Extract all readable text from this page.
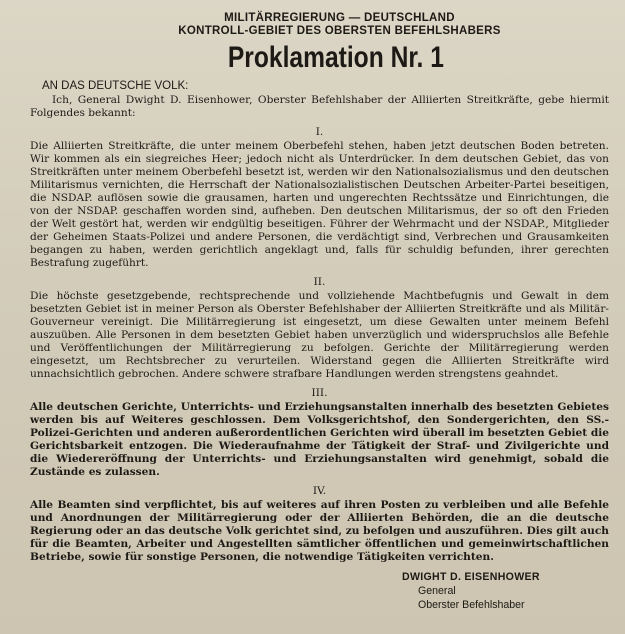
MILITÄRREGIERUNG — DEUTSCHLAND
KONTROLL-GEBIET DES OBERSTEN BEFEHLSHABERS
Proklamation Nr. 1
AN DAS DEUTSCHE VOLK:
Ich, General Dwight D. Eisenhower, Oberster Befehlshaber der Alliierten Streitkräfte, gebe hiermit Folgendes bekannt:
I.
Die Alliierten Streitkräfte, die unter meinem Oberbefehl stehen, haben jetzt deutschen Boden betreten. Wir kommen als ein siegreiches Heer; jedoch nicht als Unterdrücker. In dem deutschen Gebiet, das von Streitkräften unter meinem Oberbefehl besetzt ist, werden wir den Nationalsozialismus und den deutschen Militarismus vernichten, die Herrschaft der Nationalsozialistischen Deutschen Arbeiter-Partei beseitigen, die NSDAP. auflösen sowie die grausamen, harten und ungerechten Rechtssätze und Einrichtungen, die von der NSDAP. geschaffen worden sind, aufheben. Den deutschen Militarismus, der so oft den Frieden der Welt gestört hat, werden wir endgültig beseitigen. Führer der Wehrmacht und der NSDAP., Mitglieder der Geheimen Staats-Polizei und andere Personen, die verdächtigt sind, Verbrechen und Grausamkeiten begangen zu haben, werden gerichtlich angeklagt und, falls für schuldig befunden, ihrer gerechten Bestrafung zugeführt.
II.
Die höchste gesetzgebende, rechtsprechende und vollziehende Machtbefugnis und Gewalt in dem besetzten Gebiet ist in meiner Person als Oberster Befehlshaber der Alliierten Streitkräfte und als Militär-Gouverneur vereinigt. Die Militärregierung ist eingesetzt, um diese Gewalten unter meinem Befehl auszuüben. Alle Personen in dem besetzten Gebiet haben unverzüglich und widerspruchslos alle Befehle und Veröffentlichungen der Militärregierung zu befolgen. Gerichte der Militärregierung werden eingesetzt, um Rechtsbrecher zu verurteilen. Widerstand gegen die Alliierten Streitkräfte wird unnachsichtlich gebrochen. Andere schwere strafbare Handlungen werden strengstens geahndet.
III.
Alle deutschen Gerichte, Unterrichts- und Erziehungsanstalten innerhalb des besetzten Gebietes werden bis auf Weiteres geschlossen. Dem Volksgerichtshof, den Sondergerichten, den SS.-Polizei-Gerichten und anderen außerordentlichen Gerichten wird überall im besetzten Gebiet die Gerichtsbarkeit entzogen. Die Wiederaufnahme der Tätigkeit der Straf- und Zivilgerichte und die Wiedereröffnung der Unterrichts- und Erziehungsanstalten wird genehmigt, sobald die Zustände es zulassen.
IV.
Alle Beamten sind verpflichtet, bis auf weiteres auf ihren Posten zu verbleiben und alle Befehle und Anordnungen der Militärregierung oder der Alliierten Behörden, die an die deutsche Regierung oder an das deutsche Volk gerichtet sind, zu befolgen und auszuführen. Dies gilt auch für die Beamten, Arbeiter und Angestellten sämtlicher öffentlichen und gemeinwirtschaftlichen Betriebe, sowie für sonstige Personen, die notwendige Tätigkeiten verrichten.
DWIGHT D. EISENHOWER
General
Oberster Befehlshaber
